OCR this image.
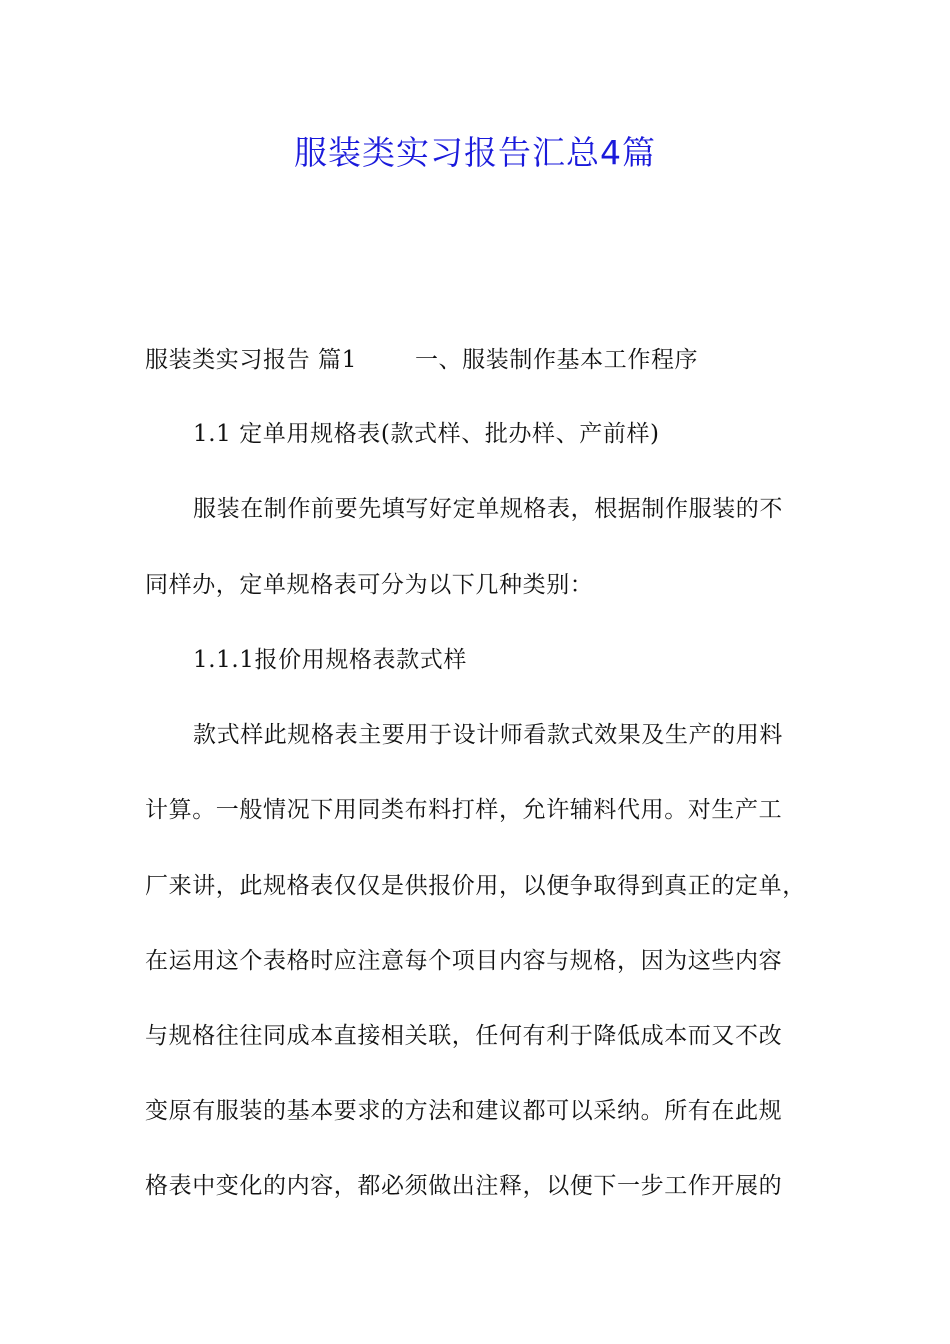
服装类实习报告汇总4篇

服装类实习报告 篇1	一、服装制作基本工作程序

1.1 定单用规格表(款式样、批办样、产前样)

服装在制作前要先填写好定单规格表，根据制作服装的不

同样办，定单规格表可分为以下几种类别：

1.1.1报价用规格表款式样

款式样此规格表主要用于设计师看款式效果及生产的用料

计算。一般情况下用同类布料打样，允许辅料代用。对生产工

厂来讲，此规格表仅仅是供报价用，以便争取得到真正的定单，

在运用这个表格时应注意每个项目内容与规格，因为这些内容

与规格往往同成本直接相关联，任何有利于降低成本而又不改

变原有服装的基本要求的方法和建议都可以采纳。所有在此规

格表中变化的内容，都必须做出注释，以便下一步工作开展的
